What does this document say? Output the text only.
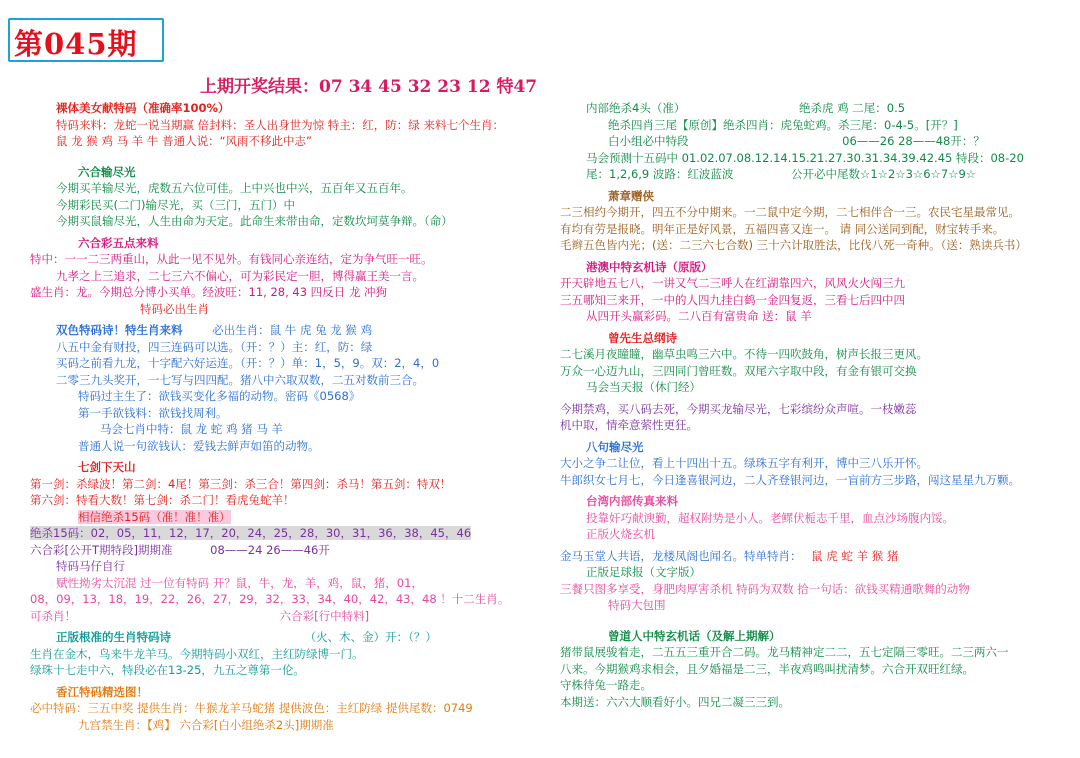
第045期
上期开奖结果：07 34 45 32 23 12 特47
裸体美女献特码（准确率100%）
特码来料：龙蛇一说当期赢 倍封料：圣人出身世为惊 特主：红，防：绿 来料七个生肖：
鼠 龙 猴 鸡 马 羊 牛 普通人说：“风雨不移此中志”
六合输尽光
今期买羊输尽光，虎数五六位可佳。上中兴也中兴，五百年又五百年。
今期彩民买(二门)输尽光，买（三门，五门）中
今期买鼠输尽光，人生由命为天定。此命生来带由命，定数坎坷莫争辩。（命）
六合彩五点来料
特中：一一二三两重山，从此一见不见外。有钱同心亲连结，定为争气旺一旺。
九孝之上三追求，二七三六不偏心，可为彩民定一胆，博得赢王美一言。
盛生肖：龙。今期总分博小买单。经波旺：11, 28, 43 四反日 龙 冲狗
特码必出生肖
双色特码诗！特生肖来料	必出生肖：鼠 牛 虎 兔 龙 猴 鸡
八五中金有财投，四三连码可以选。（开：？）主：红，防：绿
买码之前看九龙，十字配六好运连。（开：？）单：1，5，9。双：2，4，0
二零三九头奖开，一七写与四四配。猪八中六取双数，二五对数前三合。
特码过主生了：欲钱买变化多福的动物。密码《0568》
第一手欲钱料：欲钱找周利。
马会七肖中特：鼠 龙 蛇 鸡 猪 马 羊
普通人说一句欲钱认：爱钱去鲜声如笛的动物。
七剑下天山
第一剑：杀绿波！第二剑：4尾！第三剑：杀三合！第四剑：杀马！第五剑：特双！
第六剑：特看大数！第七剑：杀二门！看虎兔蛇羊！
相信绝杀15码（准！准！准）
绝杀15码：02，05，11，12，17，20，24，25，28，30，31，36，38，45，46
六合彩[公开T期特段]期期准	08——24 26——46开
特码马仔自行
赋性拗劣太沉混 过一位有特码 开？鼠，牛，龙，羊，鸡，鼠，猪，01，
08，09，13，18，19，22，26，27，29，32，33，34，40，42，43，48 ！十二生肖。
可杀肖！	六合彩[行中特料]
正版根准的生肖特码诗	（火、木、金）开：（？）
生肖在金木，鸟来牛龙羊马。今期特码小双红，主红防绿博一门。
绿珠十七走中六，特段必在13-25，九五之尊第一伦。
香江特码精选图！
必中特码：三五中奖 提供生肖：牛猴龙羊马蛇猪 提供波色：主红防绿 提供尾数：0749
九宫禁生肖：【鸡】 六合彩[白小组绝杀2头]期期准
内部绝杀4头（准）	绝杀虎 鸡 二尾：0.5
绝杀四肖三尾【原创】绝杀四肖：虎兔蛇鸡。杀三尾：0-4-5。[开？]
白小组必中特段	06——26 28——48开：？
马会预测十五码中 01.02.07.08.12.14.15.21.27.30.31.34.39.42.45 特段：08-20
尾：1,2,6,9 波路：红波蓝波	公开必中尾数☆1☆2☆3☆6☆7☆9☆
萧章赠侠
二三相约今期开，四五不分中期来。一二鼠中定今期，二七相伴合一三。农民宅星最常见。
有均有劳是报晓。明年正是好风景，五福四喜又连一。 请 同公送同到配，财宝转手来。
毛辫五色皆内光；(送：二三六七合数) 三十六计取胜法，比伐八死一奇种。（送：熟读兵书）
港澳中特玄机诗（原版）
开天辟地五七八，一讲又气二三呼人在红湖靠四六，风风火火闯三九
三五哪知三来开，一中的人四九挂白鹤一金四复返，三看七后四中四
从四开头赢彩码。二八百有富贵命 送：鼠 羊
曾先生总纲诗
二七溪月夜瞳瞳，幽草虫鸣三六中。不待一四吹鼓角，树声长报三更风。
万众一心迈九山，三四同门曾旺数。双尾六字取中段，有金有银可交换
马会当天报（休门经）
今期禁鸡，买八码去死，今期买龙输尽光，七彩缤纷众声喧。一枝嫩蕊
机中取，情牵意萦性更狂。
八句输尽光
大小之争二让位，看上十四出十五。绿珠五字有利开，博中三八乐开怀。
牛郎织女七月七，今日逢喜银河边，二人齐登银河边，一盲前方三步路，闯这星星九万颗。
台湾内部传真来料
投靠奸巧献谀勤，超权附势是小人。老鳏伏栀志千里，血点沙场腹内馁。
正版火烧玄机
金马玉堂人共语，龙楼凤阁也闻名。特单特肖： 鼠 虎 蛇 羊 猴 猪
正版足球报（文字版）
三餐只图多享受，身肥肉厚害杀机 特码为双数 拾一句话：欲钱买精通歌舞的动物
特码大包围
曾道人中特玄机话（及解上期解）
猪带鼠展骏着走，二五五三重开合二码。龙马精神定二二，五七定隔三零旺。二三两六一
八来。今期猴鸡求相会，且夕婚福是二三，半夜鸡鸣叫扰清梦。六合开双旺红绿。
守株待兔一路走。
本期送：六六大顺看好小。四兄二凝三三到。
